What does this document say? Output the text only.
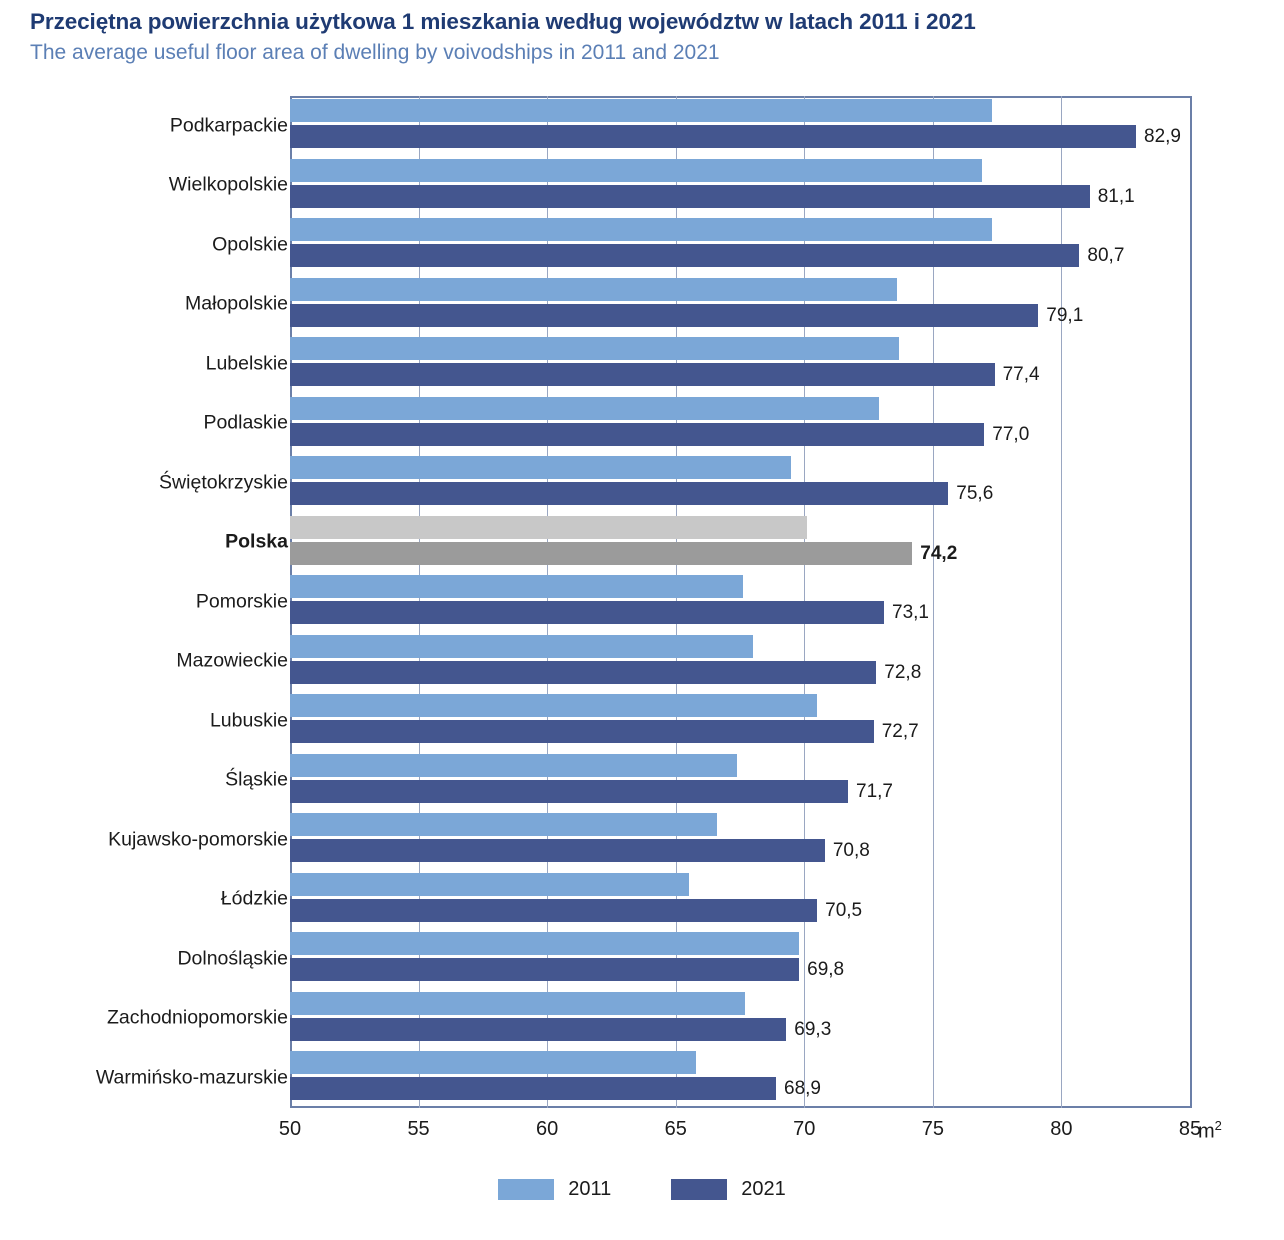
Przeciętna powierzchnia użytkowa 1 mieszkania według województw w latach 2011 i 2021
The average useful floor area of dwelling by voivodships in 2011 and 2021
Podkarpackie
82,9
Wielkopolskie
81,1
Opolskie
80,7
Małopolskie
79,1
Lubelskie
77,4
Podlaskie
77,0
Świętokrzyskie
75,6
Polska
74,2
Pomorskie
73,1
Mazowieckie
72,8
Lubuskie
72,7
Śląskie
71,7
Kujawsko-pomorskie
70,8
Łódzkie
70,5
Dolnośląskie
69,8
Zachodniopomorskie
69,3
Warmińsko-mazurskie
68,9
$m^2$
50	55	60	65	70	75	80	85
2011	2021
